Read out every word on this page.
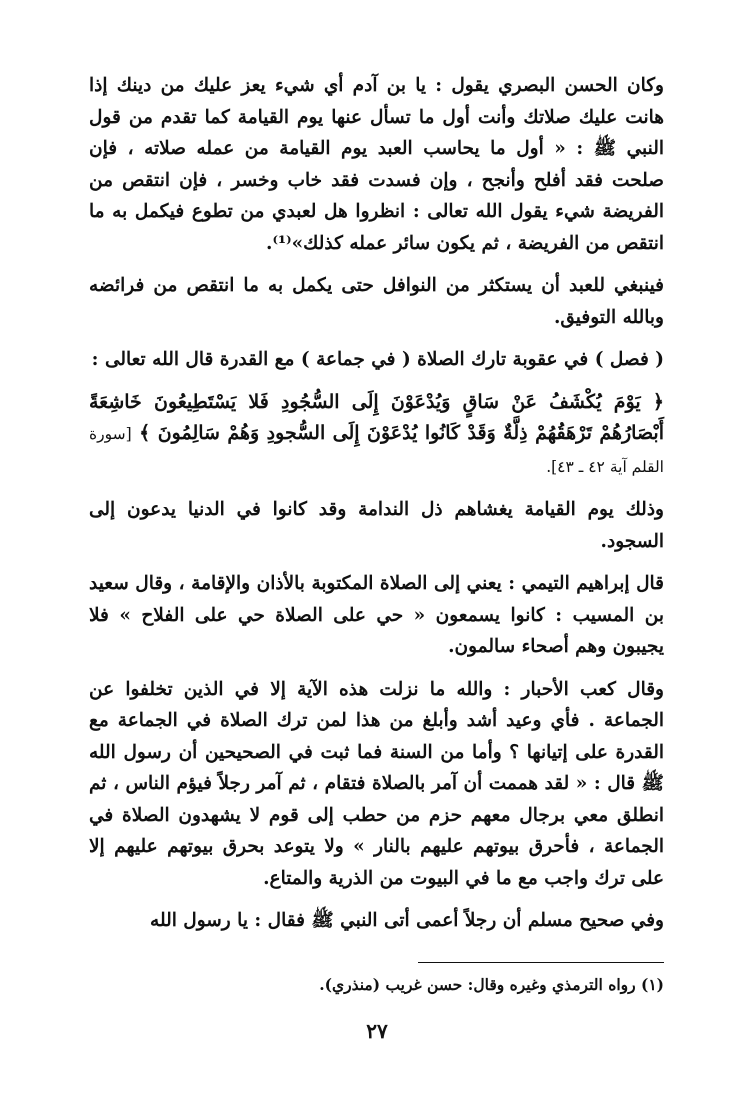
وكان الحسن البصري يقول : يا بن آدم أي شيء يعز عليك من دينك إذا هانت عليك صلاتك وأنت أول ما تسأل عنها يوم القيامة كما تقدم من قول النبي ﷺ : « أول ما يحاسب العبد يوم القيامة من عمله صلاته ، فإن صلحت فقد أفلح وأنجح ، وإن فسدت فقد خاب وخسر ، فإن انتقص من الفريضة شيء يقول الله تعالى : انظروا هل لعبدي من تطوع فيكمل به ما انتقص من الفريضة ، ثم يكون سائر عمله كذلك»⁽¹⁾.

فينبغي للعبد أن يستكثر من النوافل حتى يكمل به ما انتقص من فرائضه وبالله التوفيق.

( فصل ) في عقوبة تارك الصلاة ( في جماعة ) مع القدرة قال الله تعالى :

﴿ يَوْمَ يُكْشَفُ عَنْ سَاقٍ وَيُدْعَوْنَ إِلَى السُّجُودِ فَلا يَسْتَطِيعُونَ خَاشِعَةً أَبْصَارُهُمْ تَرْهَقُهُمْ ذِلَّةٌ وَقَدْ كَانُوا يُدْعَوْنَ إِلَى السُّجودِ وَهُمْ سَالِمُونَ ﴾ [سورة القلم آية ٤٢ ـ ٤٣].

وذلك يوم القيامة يغشاهم ذل الندامة وقد كانوا في الدنيا يدعون إلى السجود.

قال إبراهيم التيمي : يعني إلى الصلاة المكتوبة بالأذان والإقامة ، وقال سعيد بن المسيب : كانوا يسمعون « حي على الصلاة حي على الفلاح » فلا يجيبون وهم أصحاء سالمون.

وقال كعب الأحبار : والله ما نزلت هذه الآية إلا في الذين تخلفوا عن الجماعة . فأي وعيد أشد وأبلغ من هذا لمن ترك الصلاة في الجماعة مع القدرة على إتيانها ؟ وأما من السنة فما ثبت في الصحيحين أن رسول الله ﷺ قال : « لقد هممت أن آمر بالصلاة فتقام ، ثم آمر رجلاً فيؤم الناس ، ثم انطلق معي برجال معهم حزم من حطب إلى قوم لا يشهدون الصلاة في الجماعة ، فأحرق بيوتهم عليهم بالنار » ولا يتوعد بحرق بيوتهم عليهم إلا على ترك واجب مع ما في البيوت من الذرية والمتاع.

وفي صحيح مسلم أن رجلاً أعمى أتى النبي ﷺ فقال : يا رسول الله

(١) رواه الترمذي وغيره وقال: حسن غريب (منذري).

٢٧
